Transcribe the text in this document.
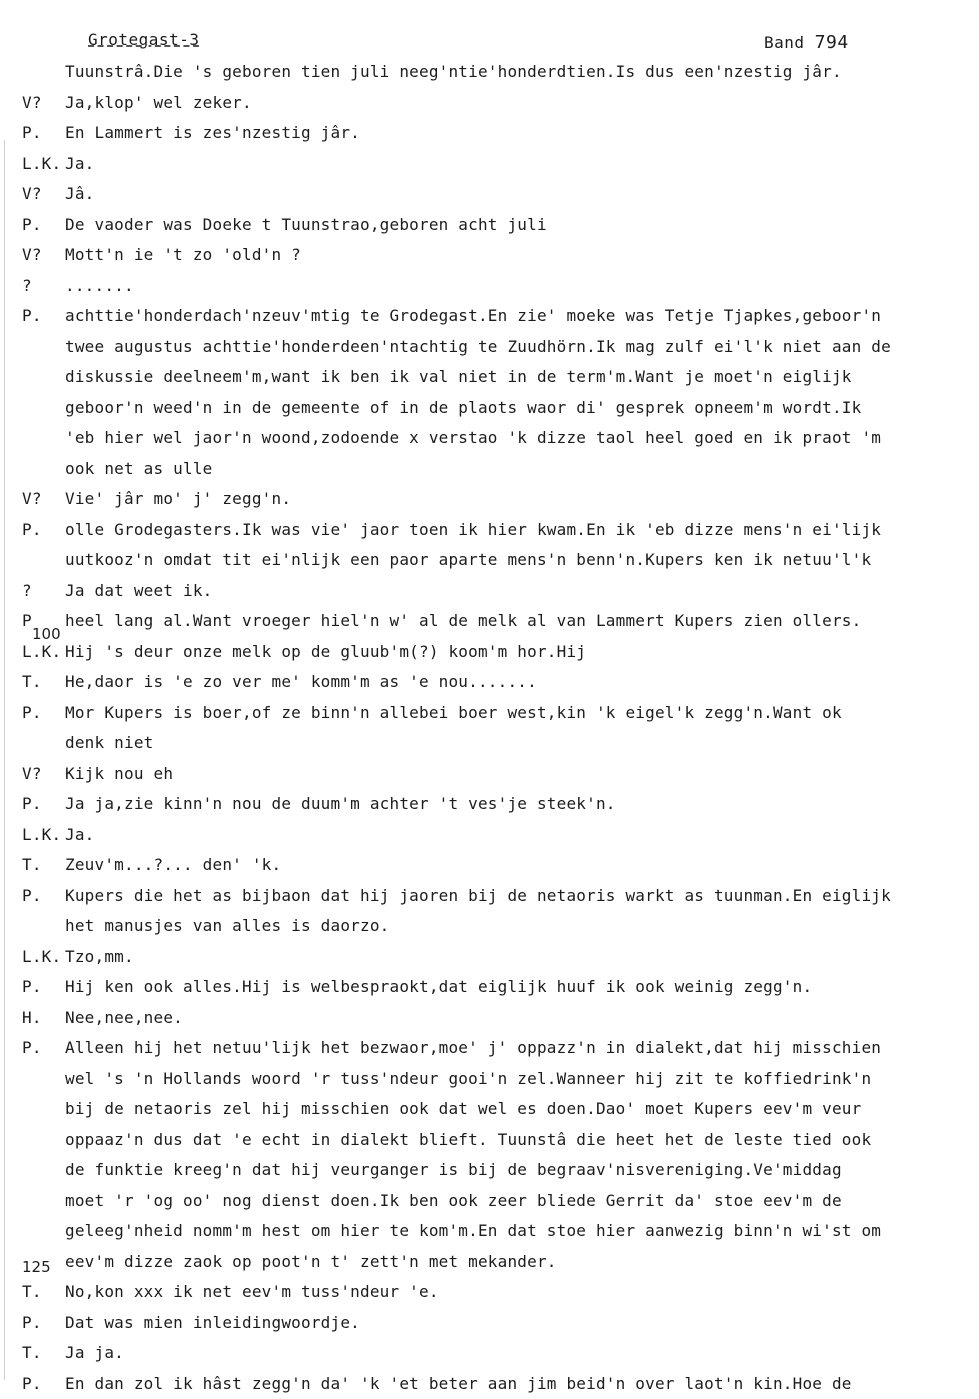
Grotegast-3	Band 794
100
125
Tuunstrâ.Die 's geboren tien juli neeg'ntie'honderdtien.Is dus een'nzestig jâr.
V? Ja,klop' wel zeker.
P. En Lammert is zes'nzestig jâr.
L.K. Ja.
V? Jâ.
P. De vaoder was Doeke t Tuunstrao,geboren acht juli
V? Mott'n ie 't zo 'old'n ?
? .......
P. achttie'honderdach'nzeuv'mtig te Grodegast.En zie' moeke was Tetje Tjapkes,geboor'n
twee augustus achttie'honderdeen'ntachtig te Zuudhörn.Ik mag zulf ei'l'k niet aan de
diskussie deelneem'm,want ik ben ik val niet in de term'm.Want je moet'n eiglijk
geboor'n weed'n in de gemeente of in de plaots waor di' gesprek opneem'm wordt.Ik
'eb hier wel jaor'n woond,zodoende x verstao 'k dizze taol heel goed en ik praot 'm
ook net as ulle
V? Vie' jâr mo' j' zegg'n.
P. olle Grodegasters.Ik was vie' jaor toen ik hier kwam.En ik 'eb dizze mens'n ei'lijk
uutkooz'n omdat tit ei'nlijk een paor aparte mens'n benn'n.Kupers ken ik netuu'l'k
? Ja dat weet ik.
P heel lang al.Want vroeger hiel'n w' al de melk al van Lammert Kupers zien ollers.
L.K. Hij 's deur onze melk op de gluub'm(?) koom'm hor.Hij
T. He,daor is 'e zo ver me' komm'm as 'e nou.......
P. Mor Kupers is boer,of ze binn'n allebei boer west,kin 'k eigel'k zegg'n.Want ok
denk niet
V? Kijk nou eh
P. Ja ja,zie kinn'n nou de duum'm achter 't ves'je steek'n.
L.K. Ja.
T. Zeuv'm...?... den' 'k.
P. Kupers die het as bijbaon dat hij jaoren bij de netaoris warkt as tuunman.En eiglijk
het manusjes van alles is daorzo.
L.K. Tzo,mm.
P. Hij ken ook alles.Hij is welbespraokt,dat eiglijk huuf ik ook weinig zegg'n.
H. Nee,nee,nee.
P. Alleen hij het netuu'lijk het bezwaor,moe' j' oppazz'n in dialekt,dat hij misschien
wel 's 'n Hollands woord 'r tuss'ndeur gooi'n zel.Wanneer hij zit te koffiedrink'n
bij de netaoris zel hij misschien ook dat wel es doen.Dao' moet Kupers eev'm veur
oppaaz'n dus dat 'e echt in dialekt blieft. Tuunstâ die heet het de leste tied ook
de funktie kreeg'n dat hij veurganger is bij de begraav'nisvereniging.Ve'middag
moet 'r 'og oo' nog dienst doen.Ik ben ook zeer bliede Gerrit da' stoe eev'm de
geleeg'nheid nomm'm hest om hier te kom'm.En dat stoe hier aanwezig binn'n wi'st om
eev'm dizze zaok op poot'n t' zett'n met mekander.
T. No,kon xxx ik net eev'm tuss'ndeur 'e.
P. Dat was mien inleidingwoordje.
T. Ja ja.
P. En dan zol ik hâst zegg'n da' 'k 'et beter aan jim beid'n over laot'n kin.Hoe de
